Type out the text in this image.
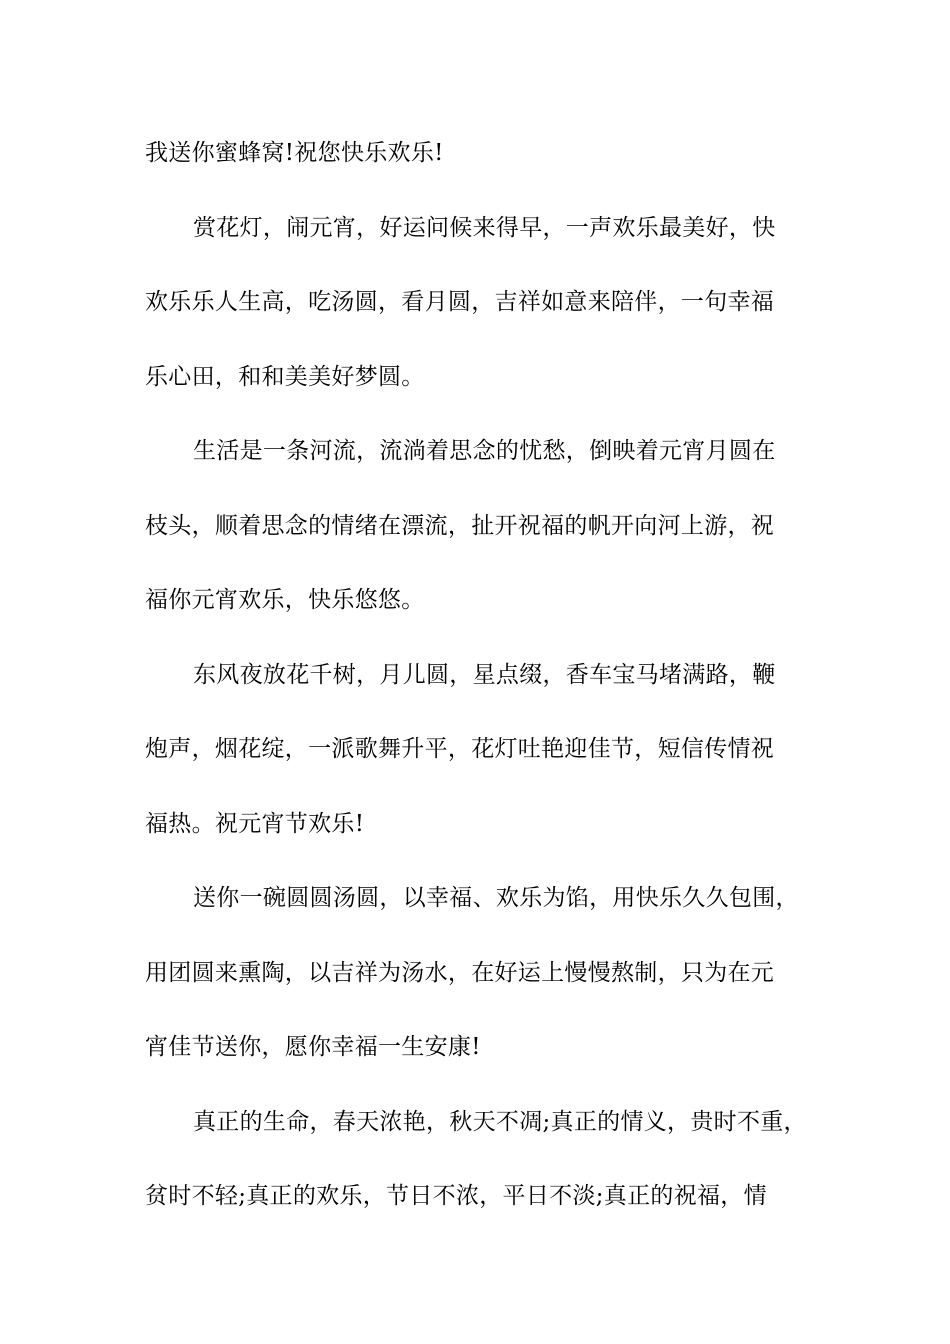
我送你蜜蜂窝!祝您快乐欢乐!
赏花灯，闹元宵，好运问候来得早，一声欢乐最美好，快
欢乐乐人生高，吃汤圆，看月圆，吉祥如意来陪伴，一句幸福
乐心田，和和美美好梦圆。
生活是一条河流，流淌着思念的忧愁，倒映着元宵月圆在
枝头，顺着思念的情绪在漂流，扯开祝福的帆开向河上游，祝
福你元宵欢乐，快乐悠悠。
东风夜放花千树，月儿圆，星点缀，香车宝马堵满路，鞭
炮声，烟花绽，一派歌舞升平，花灯吐艳迎佳节，短信传情祝
福热。祝元宵节欢乐!
送你一碗圆圆汤圆，以幸福、欢乐为馅，用快乐久久包围，
用团圆来熏陶，以吉祥为汤水，在好运上慢慢熬制，只为在元
宵佳节送你，愿你幸福一生安康!
真正的生命，春天浓艳，秋天不凋;真正的情义，贵时不重，
贫时不轻;真正的欢乐，节日不浓，平日不淡;真正的祝福，情
